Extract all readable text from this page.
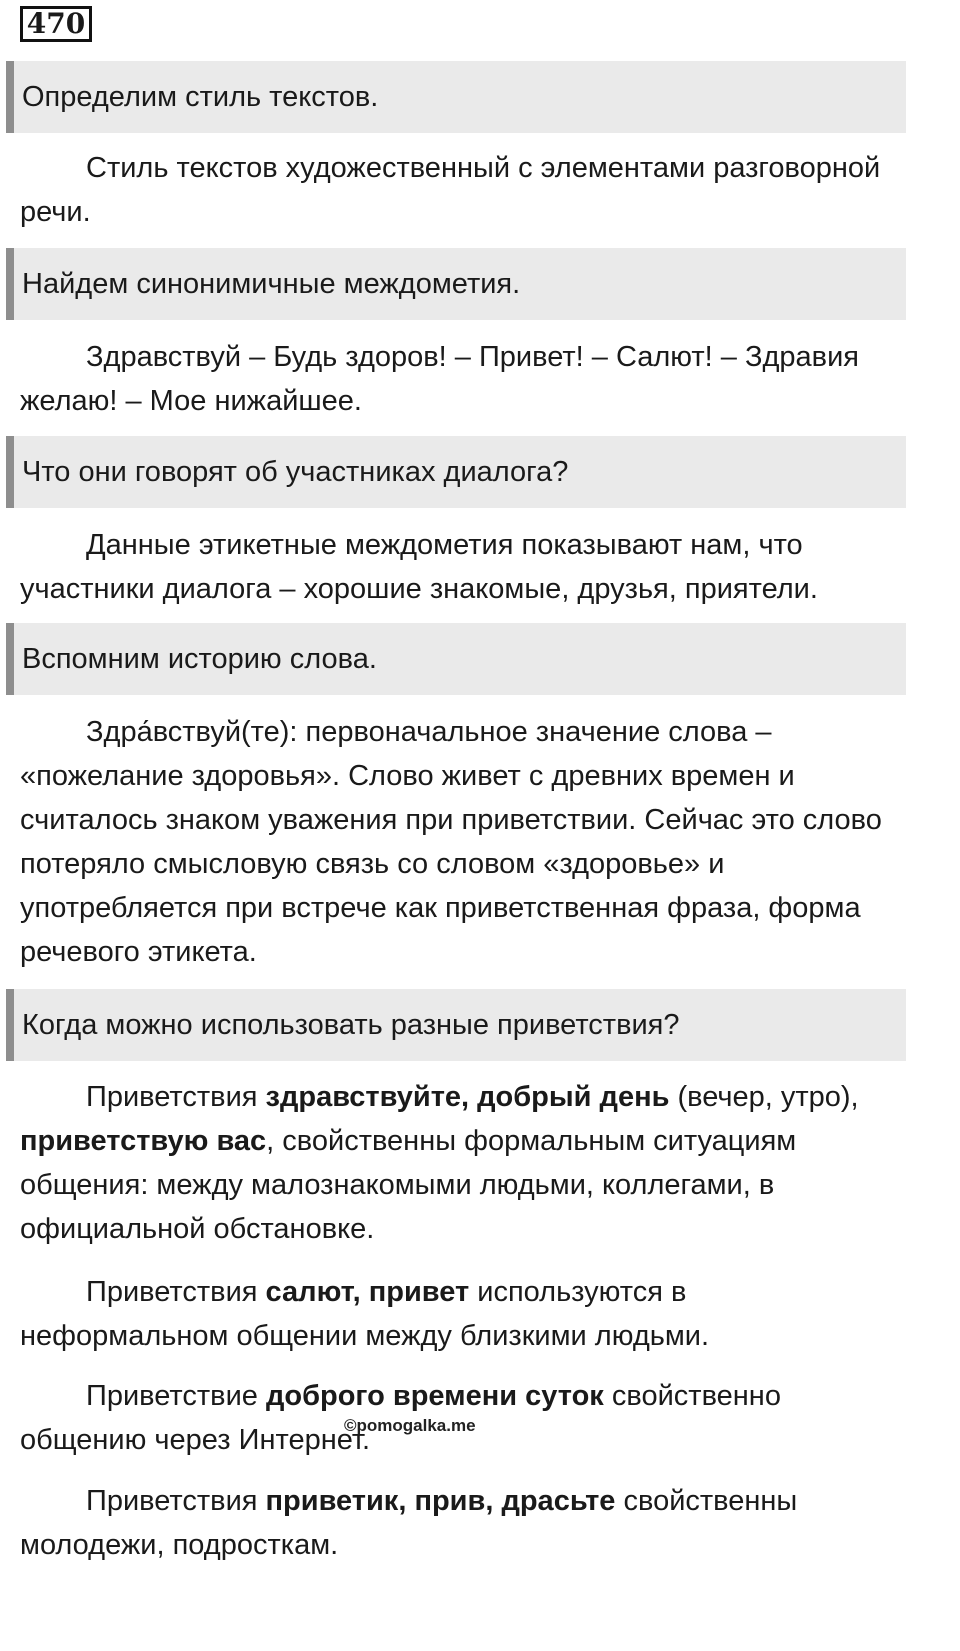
470
Определим стиль текстов.

Стиль текстов художественный с элементами разговорной речи.

Найдем синонимичные междометия.

Здравствуй – Будь здоров! – Привет! – Салют! – Здравия желаю! – Мое нижайшее.

Что они говорят об участниках диалога?

Данные этикетные междометия показывают нам, что участники диалога – хорошие знакомые, друзья, приятели.

Вспомним историю слова.

Здра́вствуй(те): первоначальное значение слова – «пожелание здоровья». Слово живет с древних времен и считалось знаком уважения при приветствии. Сейчас это слово потеряло смысловую связь со словом «здоровье» и употребляется при встрече как приветственная фраза, форма речевого этикета.

Когда можно использовать разные приветствия?

Приветствия здравствуйте, добрый день (вечер, утро), приветствую вас, свойственны формальным ситуациям общения: между малознакомыми людьми, коллегами, в официальной обстановке.

Приветствия салют, привет используются в неформальном общении между близкими людьми.

Приветствие доброго времени суток свойственно общению через Интернет.

Приветствия приветик, прив, драсьте свойственны молодежи, подросткам.

©pomogalka.me
